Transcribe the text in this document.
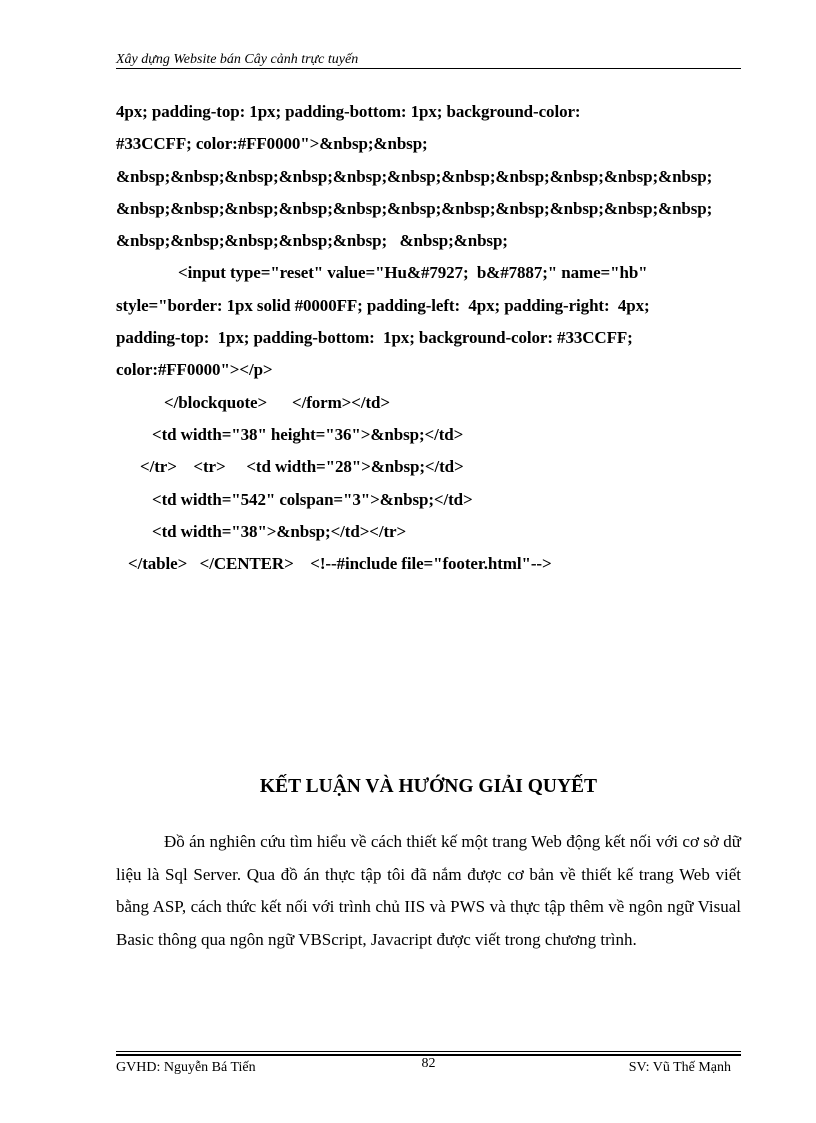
Xây dựng Website bán Cây cảnh trực tuyến
4px; padding-top: 1px; padding-bottom: 1px; background-color:
#33CCFF; color:#FF0000">&nbsp;&nbsp;
&nbsp;&nbsp;&nbsp;&nbsp;&nbsp;&nbsp;&nbsp;&nbsp;&nbsp;&nbsp;&nbsp;
&nbsp;&nbsp;&nbsp;&nbsp;&nbsp;&nbsp;&nbsp;&nbsp;&nbsp;&nbsp;&nbsp;
&nbsp;&nbsp;&nbsp;&nbsp;&nbsp;   &nbsp;&nbsp;
<input type="reset" value="Hu&#7927;  b&#7887;" name="hb"
style="border: 1px solid #0000FF; padding-left:  4px; padding-right:  4px;
padding-top:  1px; padding-bottom:  1px; background-color: #33CCFF;
color:#FF0000"></p>
</blockquote>      </form></td>
<td width="38" height="36">&nbsp;</td>
</tr>    <tr>     <td width="28">&nbsp;</td>
<td width="542" colspan="3">&nbsp;</td>
<td width="38">&nbsp;</td></tr>
</table>   </CENTER>    <!--#include file="footer.html"-->
KẾT LUẬN VÀ HƯỚNG GIẢI QUYẾT

Đồ án nghiên cứu tìm hiểu về cách thiết kế một trang Web động kết nối với cơ sở dữ liệu là Sql Server. Qua đồ án thực tập tôi đã nắm được cơ bản về thiết kế trang Web viết bằng ASP, cách thức kết nối với trình chủ IIS và PWS và thực tập thêm về ngôn ngữ Visual Basic thông qua ngôn ngữ VBScript, Javacript được viết trong chương trình.

GVHD: Nguyễn Bá Tiến	82	SV: Vũ Thế Mạnh
